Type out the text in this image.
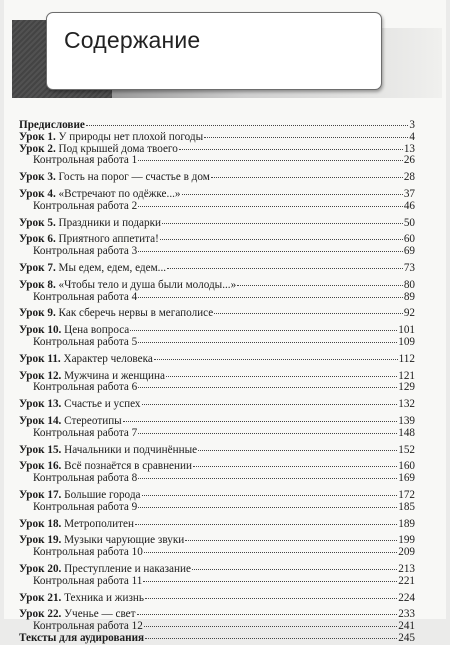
Содержание
Предисловие	3
Урок 1. У природы нет плохой погоды	4
Урок 2. Под крышей дома твоего	13
Контрольная работа 1	26
Урок 3. Гость на порог — счастье в дом	28
Урок 4. «Встречают по одёжке...»	37
Контрольная работа 2	46
Урок 5. Праздники и подарки	50
Урок 6. Приятного аппетита!	60
Контрольная работа 3	69
Урок 7. Мы едем, едем, едем...	73
Урок 8. «Чтобы тело и душа были молоды...»	80
Контрольная работа 4	89
Урок 9. Как сберечь нервы в мегаполисе	92
Урок 10. Цена вопроса	101
Контрольная работа 5	109
Урок 11. Характер человека	112
Урок 12. Мужчина и женщина	121
Контрольная работа 6	129
Урок 13. Счастье и успех	132
Урок 14. Стереотипы	139
Контрольная работа 7	148
Урок 15. Начальники и подчинённые	152
Урок 16. Всё познаётся в сравнении	160
Контрольная работа 8	169
Урок 17. Большие города	172
Контрольная работа 9	185
Урок 18. Метрополитен	189
Урок 19. Музыки чарующие звуки	199
Контрольная работа 10	209
Урок 20. Преступление и наказание	213
Контрольная работа 11	221
Урок 21. Техника и жизнь	224
Урок 22. Ученье — свет	233
Контрольная работа 12	241
Тексты для аудирования	245
